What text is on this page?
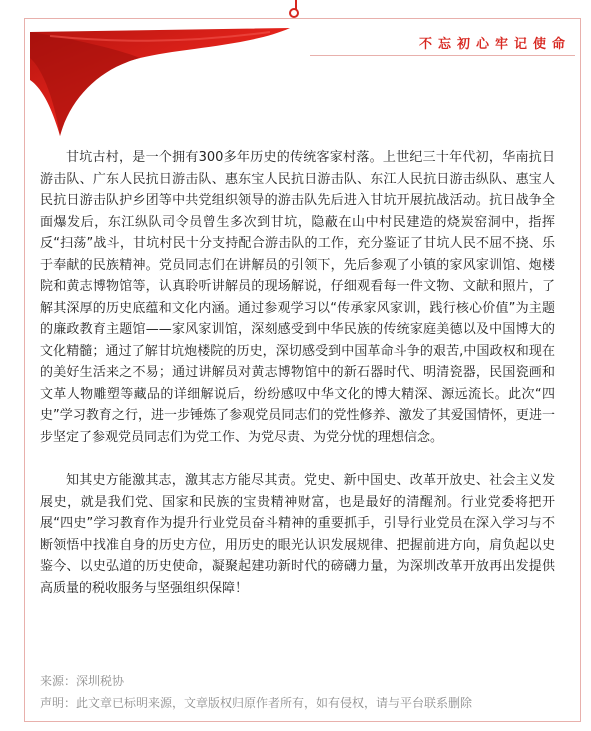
不忘初心牢记使命

甘坑古村，是一个拥有300多年历史的传统客家村落。上世纪三十年代初，华南抗日游击队、广东人民抗日游击队、惠东宝人民抗日游击队、东江人民抗日游击纵队、惠宝人民抗日游击队护乡团等中共党组织领导的游击队先后进入甘坑开展抗战活动。抗日战争全面爆发后，东江纵队司令员曾生多次到甘坑，隐蔽在山中村民建造的烧炭窑洞中，指挥反“扫荡”战斗，甘坑村民十分支持配合游击队的工作，充分鉴证了甘坑人民不屈不挠、乐于奉献的民族精神。党员同志们在讲解员的引领下，先后参观了小镇的家风家训馆、炮楼院和黄志博物馆等，认真聆听讲解员的现场解说，仔细观看每一件文物、文献和照片，了解其深厚的历史底蕴和文化内涵。通过参观学习以“传承家风家训，践行核心价值”为主题的廉政教育主题馆——家风家训馆，深刻感受到中华民族的传统家庭美德以及中国博大的文化精髓；通过了解甘坑炮楼院的历史，深切感受到中国革命斗争的艰苦,中国政权和现在的美好生活来之不易；通过讲解员对黄志博物馆中的新石器时代、明清瓷器，民国瓷画和文革人物雕塑等藏品的详细解说后，纷纷感叹中华文化的博大精深、源远流长。此次“四史”学习教育之行，进一步锤炼了参观党员同志们的党性修养、激发了其爱国情怀，更进一步坚定了参观党员同志们为党工作、为党尽责、为党分忧的理想信念。

知其史方能激其志，激其志方能尽其责。党史、新中国史、改革开放史、社会主义发展史，就是我们党、国家和民族的宝贵精神财富，也是最好的清醒剂。行业党委将把开展“四史”学习教育作为提升行业党员奋斗精神的重要抓手，引导行业党员在深入学习与不断领悟中找准自身的历史方位，用历史的眼光认识发展规律、把握前进方向，肩负起以史鉴今、以史弘道的历史使命，凝聚起建功新时代的磅礴力量，为深圳改革开放再出发提供高质量的税收服务与坚强组织保障！

来源：深圳税协
声明：此文章已标明来源，文章版权归原作者所有，如有侵权，请与平台联系删除
